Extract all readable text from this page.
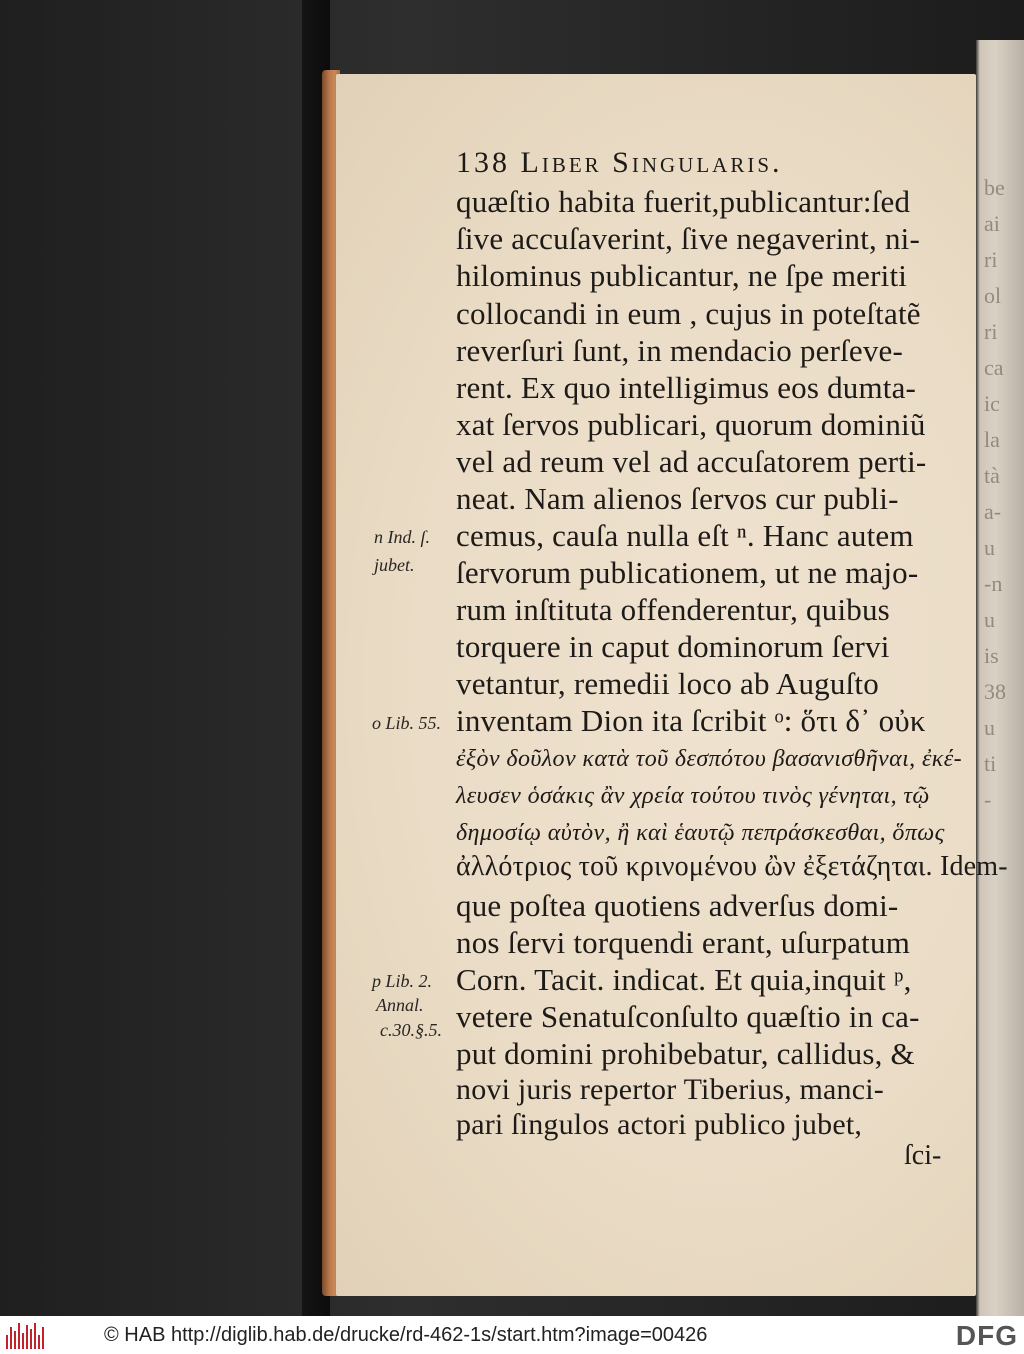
be
ai
ri
ol
ri
ca
ic
la
tà
a-
u
-n
u
is
38
u
ti
-
138 Liber Singularis.
quæſtio habita fuerit,publicantur:ſed
ſive accuſaverint, ſive negaverint, ni-
hilominus publicantur, ne ſpe meriti
collocandi in eum , cujus in poteſtatẽ
reverſuri ſunt, in mendacio perſeve-
rent. Ex quo intelligimus eos dumta-
xat ſervos publicari, quorum dominiũ
vel ad reum vel ad accuſatorem perti-
neat. Nam alienos ſervos cur publi-
cemus, cauſa nulla eſt ⁿ. Hanc autem
ſervorum publicationem, ut ne majo-
rum inſtituta offenderentur, quibus
torquere in caput dominorum ſervi
vetantur, remedii loco ab Auguſto
inventam Dion ita ſcribit ᵒ: ὅτι δ᾽ οὐκ
ἐξὸν δοῦλον κατὰ τοῦ δεσπότου βασανισθῆναι, ἐκέ-
λευσεν ὁσάκις ἂν χρεία τούτου τινὸς γένηται, τῷ
δημοσίῳ αὐτὸν, ἢ καὶ ἑαυτῷ πεπράσκεσθαι, ὅπως
ἀλλότριος τοῦ κρινομένου ὢν ἐξετάζηται. Idem-
que poſtea quotiens adverſus domi-
nos ſervi torquendi erant, uſurpatum
Corn. Tacit. indicat. Et quia,inquit ᵖ,
vetere Senatuſconſulto quæſtio in ca-
put domini prohibebatur, callidus, &
novi juris repertor Tiberius, manci-
pari ſingulos actori publico jubet,
ſci-
n Ind. ſ.
jubet.
o Lib. 55.
p Lib. 2.
Annal.
c.30.§.5.
© HAB http://diglib.hab.de/drucke/rd-462-1s/start.htm?image=00426	DFG
